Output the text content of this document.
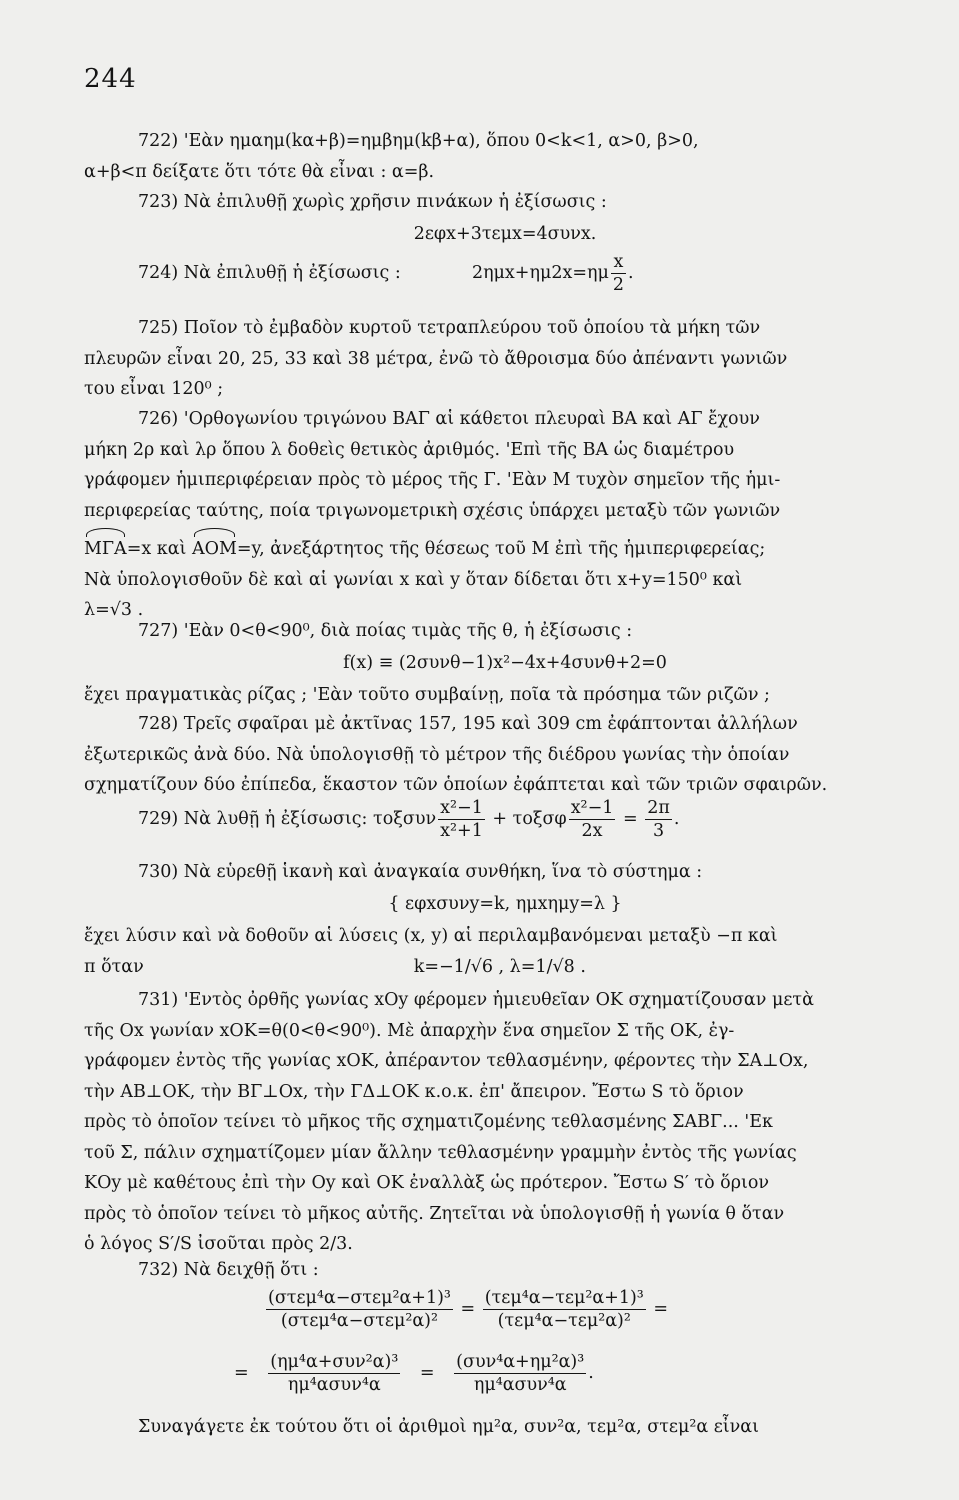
244
722) 'Εὰν ημαημ(kα+β)=ημβημ(kβ+α), ὅπου 0<k<1, α>0, β>0,
α+β<π δείξατε ὅτι τότε θὰ εἶναι : α=β.
723) Νὰ ἐπιλυθῇ χωρὶς χρῆσιν πινάκων ἡ ἐξίσωσις :
2εφx+3τεμx=4συνx.
724) Νὰ ἐπιλυθῇ ἡ ἐξίσωσις :	$2\eta\mu x+\eta\mu 2x=\eta\mu \frac{x}{2}$ .
725) Ποῖον τὸ ἐμβαδὸν κυρτοῦ τετραπλεύρου τοῦ ὁποίου τὰ μήκη τῶν
πλευρῶν εἶναι 20, 25, 33 καὶ 38 μέτρα, ἐνῶ τὸ ἄθροισμα δύο ἀπέναντι γωνιῶν
του εἶναι 120⁰ ;
726) 'Ορθογωνίου τριγώνου ΒΑΓ αἱ κάθετοι πλευραὶ ΒΑ καὶ ΑΓ ἔχουν
μήκη 2ρ καὶ λρ ὅπου λ δοθεὶς θετικὸς ἀριθμός. 'Επὶ τῆς ΒΑ ὡς διαμέτρου
γράφομεν ἡμιπεριφέρειαν πρὸς τὸ μέρος τῆς Γ. 'Εὰν Μ τυχὸν σημεῖον τῆς ἡμι-
περιφερείας ταύτης, ποία τριγωνομετρικὴ σχέσις ὑπάρχει μεταξὺ τῶν γωνιῶν
ΜΓΑ=x καὶ ΑΟΜ=y, ἀνεξάρτητος τῆς θέσεως τοῦ Μ ἐπὶ τῆς ἡμιπεριφερείας;
Νὰ ὑπολογισθοῦν δὲ καὶ αἱ γωνίαι x καὶ y ὅταν δίδεται ὅτι x+y=150⁰ καὶ
λ=√3 .
727) 'Εὰν 0<θ<90⁰, διὰ ποίας τιμὰς τῆς θ, ἡ ἐξίσωσις :
f(x) ≡ (2συνθ−1)x²−4x+4συνθ+2=0
ἔχει πραγματικὰς ρίζας ; 'Εὰν τοῦτο συμβαίνῃ, ποῖα τὰ πρόσημα τῶν ριζῶν ;
728) Τρεῖς σφαῖραι μὲ ἀκτῖνας 157, 195 καὶ 309 cm ἐφάπτονται ἀλλήλων
ἐξωτερικῶς ἀνὰ δύο. Νὰ ὑπολογισθῇ τὸ μέτρον τῆς διέδρου γωνίας τὴν ὁποίαν
σχηματίζουν δύο ἐπίπεδα, ἕκαστον τῶν ὁποίων ἐφάπτεται καὶ τῶν τριῶν σφαιρῶν.
729) Νὰ λυθῇ ἡ ἐξίσωσις: τοξσυν $\frac{\text{x²−1}}{\text{x²+1}} + \tau o\xi\sigma\varphi \frac{\text{x²−1}}{2x} = \frac{2\pi}{3}$ .
730) Νὰ εὑρεθῇ ἱκανὴ καὶ ἀναγκαία συνθήκη, ἵνα τὸ σύστημα :
{ εφxσυνy=k, ημxημy=λ }
ἔχει λύσιν καὶ νὰ δοθοῦν αἱ λύσεις (x, y) αἱ περιλαμβανόμεναι μεταξὺ −π καὶ
π ὅταν	k=−1/√6 , λ=1/√8 .
731) 'Εντὸς ὀρθῆς γωνίας xOy φέρομεν ἡμιευθεῖαν ΟΚ σχηματίζουσαν μετὰ
τῆς Οx γωνίαν xOK=θ(0<θ<90⁰). Μὲ ἀπαρχὴν ἕνα σημεῖον Σ τῆς ΟΚ, ἐγ-
γράφομεν ἐντὸς τῆς γωνίας xOK, ἀπέραντον τεθλασμένην, φέροντες τὴν ΣΑ⊥Οx,
τὴν ΑΒ⊥ΟΚ, τὴν ΒΓ⊥Οx, τὴν ΓΔ⊥ΟΚ κ.ο.κ. ἐπ' ἄπειρον. Ἔστω S τὸ ὅριον
πρὸς τὸ ὁποῖον τείνει τὸ μῆκος τῆς σχηματιζομένης τεθλασμένης ΣΑΒΓ... 'Εκ
τοῦ Σ, πάλιν σχηματίζομεν μίαν ἄλλην τεθλασμένην γραμμὴν ἐντὸς τῆς γωνίας
ΚΟy μὲ καθέτους ἐπὶ τὴν Οy καὶ ΟΚ ἐναλλὰξ ὡς πρότερον. Ἔστω S′ τὸ ὅριον
πρὸς τὸ ὁποῖον τείνει τὸ μῆκος αὐτῆς. Ζητεῖται νὰ ὑπολογισθῇ ἡ γωνία θ ὅταν
ὁ λόγος S′/S ἰσοῦται πρὸς 2/3.
732) Νὰ δειχθῇ ὅτι :
$\frac{\text{(στεμ⁴α−στεμ²α+1)³}}{\text{(στεμ⁴α−στεμ²α)²}} = \frac{\text{(τεμ⁴α−τεμ²α+1)³}}{\text{(τεμ⁴α−τεμ²α)²}}$ =
= $\frac{\text{(ημ⁴α+συν²α)³}}{\text{ημ⁴ασυν⁴α}} = \frac{\text{(συν⁴α+ημ²α)³}}{\text{ημ⁴ασυν⁴α}}$ .
Συναγάγετε ἐκ τούτου ὅτι οἱ ἀριθμοὶ ημ²α, συν²α, τεμ²α, στεμ²α εἶναι
